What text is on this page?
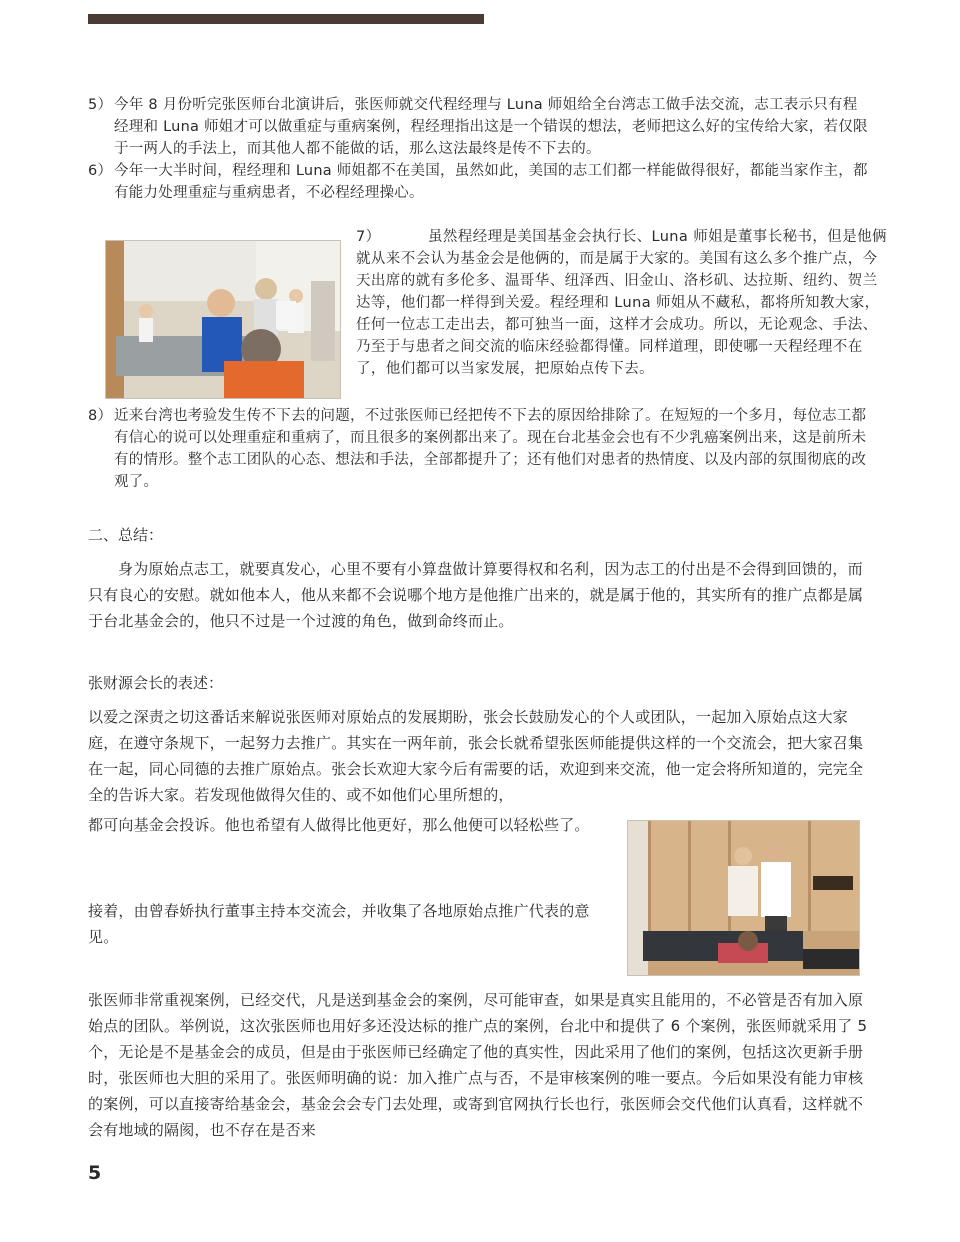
5） 今年 8 月份听完张医师台北演讲后，张医师就交代程经理与 Luna 师姐给全台湾志工做手法交流，志工表示只有程经理和 Luna 师姐才可以做重症与重病案例，程经理指出这是一个错误的想法，老师把这么好的宝传给大家，若仅限于一两人的手法上，而其他人都不能做的话，那么这法最终是传不下去的。

6） 今年一大半时间，程经理和 Luna 师姐都不在美国，虽然如此，美国的志工们都一样能做得很好，都能当家作主，都有能力处理重症与重病患者，不必程经理操心。

7）	虽然程经理是美国基金会执行长、Luna 师姐是董事长秘书，但是他俩就从来不会认为基金会是他俩的，而是属于大家的。美国有这么多个推广点，今天出席的就有多伦多、温哥华、纽泽西、旧金山、洛杉矶、达拉斯、纽约、贺兰达等，他们都一样得到关爱。程经理和 Luna 师姐从不藏私，都将所知教大家，任何一位志工走出去，都可独当一面，这样才会成功。所以，无论观念、手法、乃至于与患者之间交流的临床经验都得懂。同样道理，即使哪一天程经理不在了，他们都可以当家发展，把原始点传下去。

8） 近来台湾也考验发生传不下去的问题，不过张医师已经把传不下去的原因给排除了。在短短的一个多月，每位志工都有信心的说可以处理重症和重病了，而且很多的案例都出来了。现在台北基金会也有不少乳癌案例出来，这是前所未有的情形。整个志工团队的心态、想法和手法，全部都提升了；还有他们对患者的热情度、以及内部的氛围彻底的改观了。

二、总结：

身为原始点志工，就要真发心，心里不要有小算盘做计算要得权和名利，因为志工的付出是不会得到回馈的，而只有良心的安慰。就如他本人，他从来都不会说哪个地方是他推广出来的，就是属于他的，其实所有的推广点都是属于台北基金会的，他只不过是一个过渡的角色，做到命终而止。

张财源会长的表述：

以爱之深责之切这番话来解说张医师对原始点的发展期盼，张会长鼓励发心的个人或团队，一起加入原始点这大家庭，在遵守条规下，一起努力去推广。其实在一两年前，张会长就希望张医师能提供这样的一个交流会，把大家召集在一起，同心同德的去推广原始点。张会长欢迎大家今后有需要的话，欢迎到来交流，他一定会将所知道的，完完全全的告诉大家。若发现他做得欠佳的、或不如他们心里所想的，

都可向基金会投诉。他也希望有人做得比他更好，那么他便可以轻松些了。

接着，由曾春娇执行董事主持本交流会，并收集了各地原始点推广代表的意见。

张医师非常重视案例，已经交代，凡是送到基金会的案例，尽可能审查，如果是真实且能用的，不必管是否有加入原始点的团队。举例说，这次张医师也用好多还没达标的推广点的案例，台北中和提供了 6 个案例，张医师就采用了 5 个，无论是不是基金会的成员，但是由于张医师已经确定了他的真实性，因此采用了他们的案例，包括这次更新手册时，张医师也大胆的采用了。张医师明确的说：加入推广点与否，不是审核案例的唯一要点。今后如果没有能力审核的案例，可以直接寄给基金会，基金会会专门去处理，或寄到官网执行长也行，张医师会交代他们认真看，这样就不会有地域的隔阂，也不存在是否来

5
